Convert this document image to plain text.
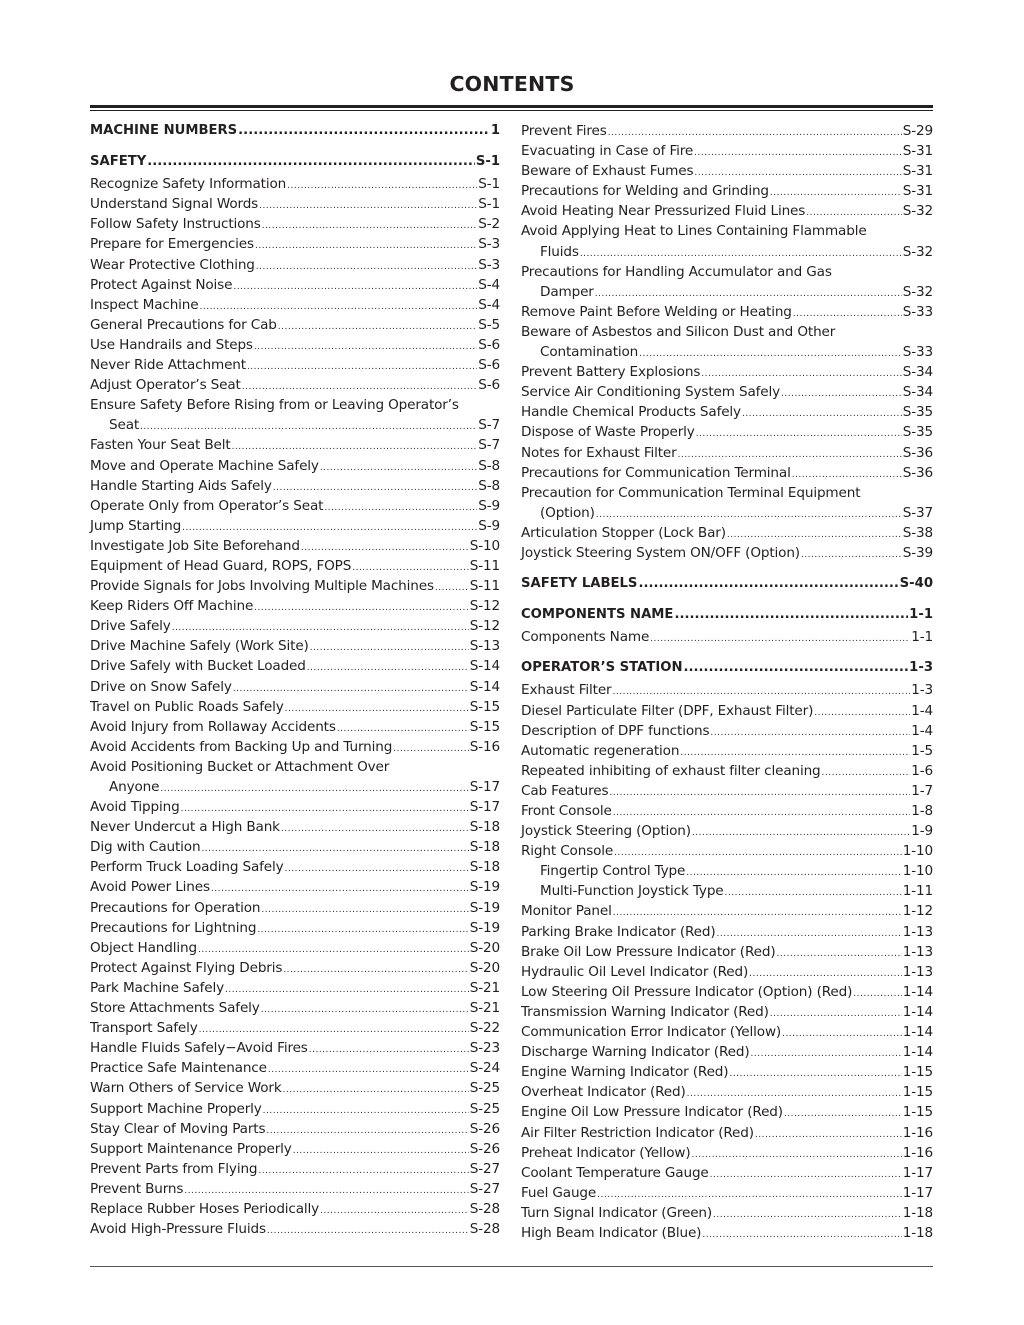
CONTENTS
MACHINE NUMBERS .....	1
SAFETY .....	S-1
Recognize Safety Information .....	S-1
Understand Signal Words .....	S-1
Follow Safety Instructions .....	S-2
Prepare for Emergencies .....	S-3
Wear Protective Clothing .....	S-3
Protect Against Noise .....	S-4
Inspect Machine .....	S-4
General Precautions for Cab .....	S-5
Use Handrails and Steps .....	S-6
Never Ride Attachment .....	S-6
Adjust Operator’s Seat .....	S-6
Ensure Safety Before Rising from or Leaving Operator’s
Seat .....	S-7
Fasten Your Seat Belt .....	S-7
Move and Operate Machine Safely .....	S-8
Handle Starting Aids Safely .....	S-8
Operate Only from Operator’s Seat .....	S-9
Jump Starting .....	S-9
Investigate Job Site Beforehand .....	S-10
Equipment of Head Guard, ROPS, FOPS .....	S-11
Provide Signals for Jobs Involving Multiple Machines .....	S-11
Keep Riders Off Machine .....	S-12
Drive Safely .....	S-12
Drive Machine Safely (Work Site) .....	S-13
Drive Safely with Bucket Loaded .....	S-14
Drive on Snow Safely .....	S-14
Travel on Public Roads Safely .....	S-15
Avoid Injury from Rollaway Accidents .....	S-15
Avoid Accidents from Backing Up and Turning .....	S-16
Avoid Positioning Bucket or Attachment Over
Anyone .....	S-17
Avoid Tipping .....	S-17
Never Undercut a High Bank .....	S-18
Dig with Caution .....	S-18
Perform Truck Loading Safely .....	S-18
Avoid Power Lines .....	S-19
Precautions for Operation .....	S-19
Precautions for Lightning .....	S-19
Object Handling .....	S-20
Protect Against Flying Debris .....	S-20
Park Machine Safely .....	S-21
Store Attachments Safely .....	S-21
Transport Safely .....	S-22
Handle Fluids Safely−Avoid Fires .....	S-23
Practice Safe Maintenance .....	S-24
Warn Others of Service Work .....	S-25
Support Machine Properly .....	S-25
Stay Clear of Moving Parts .....	S-26
Support Maintenance Properly .....	S-26
Prevent Parts from Flying .....	S-27
Prevent Burns .....	S-27
Replace Rubber Hoses Periodically .....	S-28
Avoid High-Pressure Fluids .....	S-28
Prevent Fires .....	S-29
Evacuating in Case of Fire .....	S-31
Beware of Exhaust Fumes .....	S-31
Precautions for Welding and Grinding .....	S-31
Avoid Heating Near Pressurized Fluid Lines .....	S-32
Avoid Applying Heat to Lines Containing Flammable
Fluids .....	S-32
Precautions for Handling Accumulator and Gas
Damper .....	S-32
Remove Paint Before Welding or Heating .....	S-33
Beware of Asbestos and Silicon Dust and Other
Contamination .....	S-33
Prevent Battery Explosions .....	S-34
Service Air Conditioning System Safely .....	S-34
Handle Chemical Products Safely .....	S-35
Dispose of Waste Properly .....	S-35
Notes for Exhaust Filter .....	S-36
Precautions for Communication Terminal .....	S-36
Precaution for Communication Terminal Equipment
(Option) .....	S-37
Articulation Stopper (Lock Bar) .....	S-38
Joystick Steering System ON/OFF (Option) .....	S-39
SAFETY LABELS .....	S-40
COMPONENTS NAME .....	1-1
Components Name .....	1-1
OPERATOR’S STATION .....	1-3
Exhaust Filter .....	1-3
Diesel Particulate Filter (DPF, Exhaust Filter) .....	1-4
Description of DPF functions .....	1-4
Automatic regeneration .....	1-5
Repeated inhibiting of exhaust filter cleaning .....	1-6
Cab Features .....	1-7
Front Console .....	1-8
Joystick Steering (Option) .....	1-9
Right Console .....	1-10
Fingertip Control Type .....	1-10
Multi-Function Joystick Type .....	1-11
Monitor Panel .....	1-12
Parking Brake Indicator (Red) .....	1-13
Brake Oil Low Pressure Indicator (Red) .....	1-13
Hydraulic Oil Level Indicator (Red) .....	1-13
Low Steering Oil Pressure Indicator (Option) (Red) .....	1-14
Transmission Warning Indicator (Red) .....	1-14
Communication Error Indicator (Yellow) .....	1-14
Discharge Warning Indicator (Red) .....	1-14
Engine Warning Indicator (Red) .....	1-15
Overheat Indicator (Red) .....	1-15
Engine Oil Low Pressure Indicator (Red) .....	1-15
Air Filter Restriction Indicator (Red) .....	1-16
Preheat Indicator (Yellow) .....	1-16
Coolant Temperature Gauge .....	1-17
Fuel Gauge .....	1-17
Turn Signal Indicator (Green) .....	1-18
High Beam Indicator (Blue) .....	1-18
